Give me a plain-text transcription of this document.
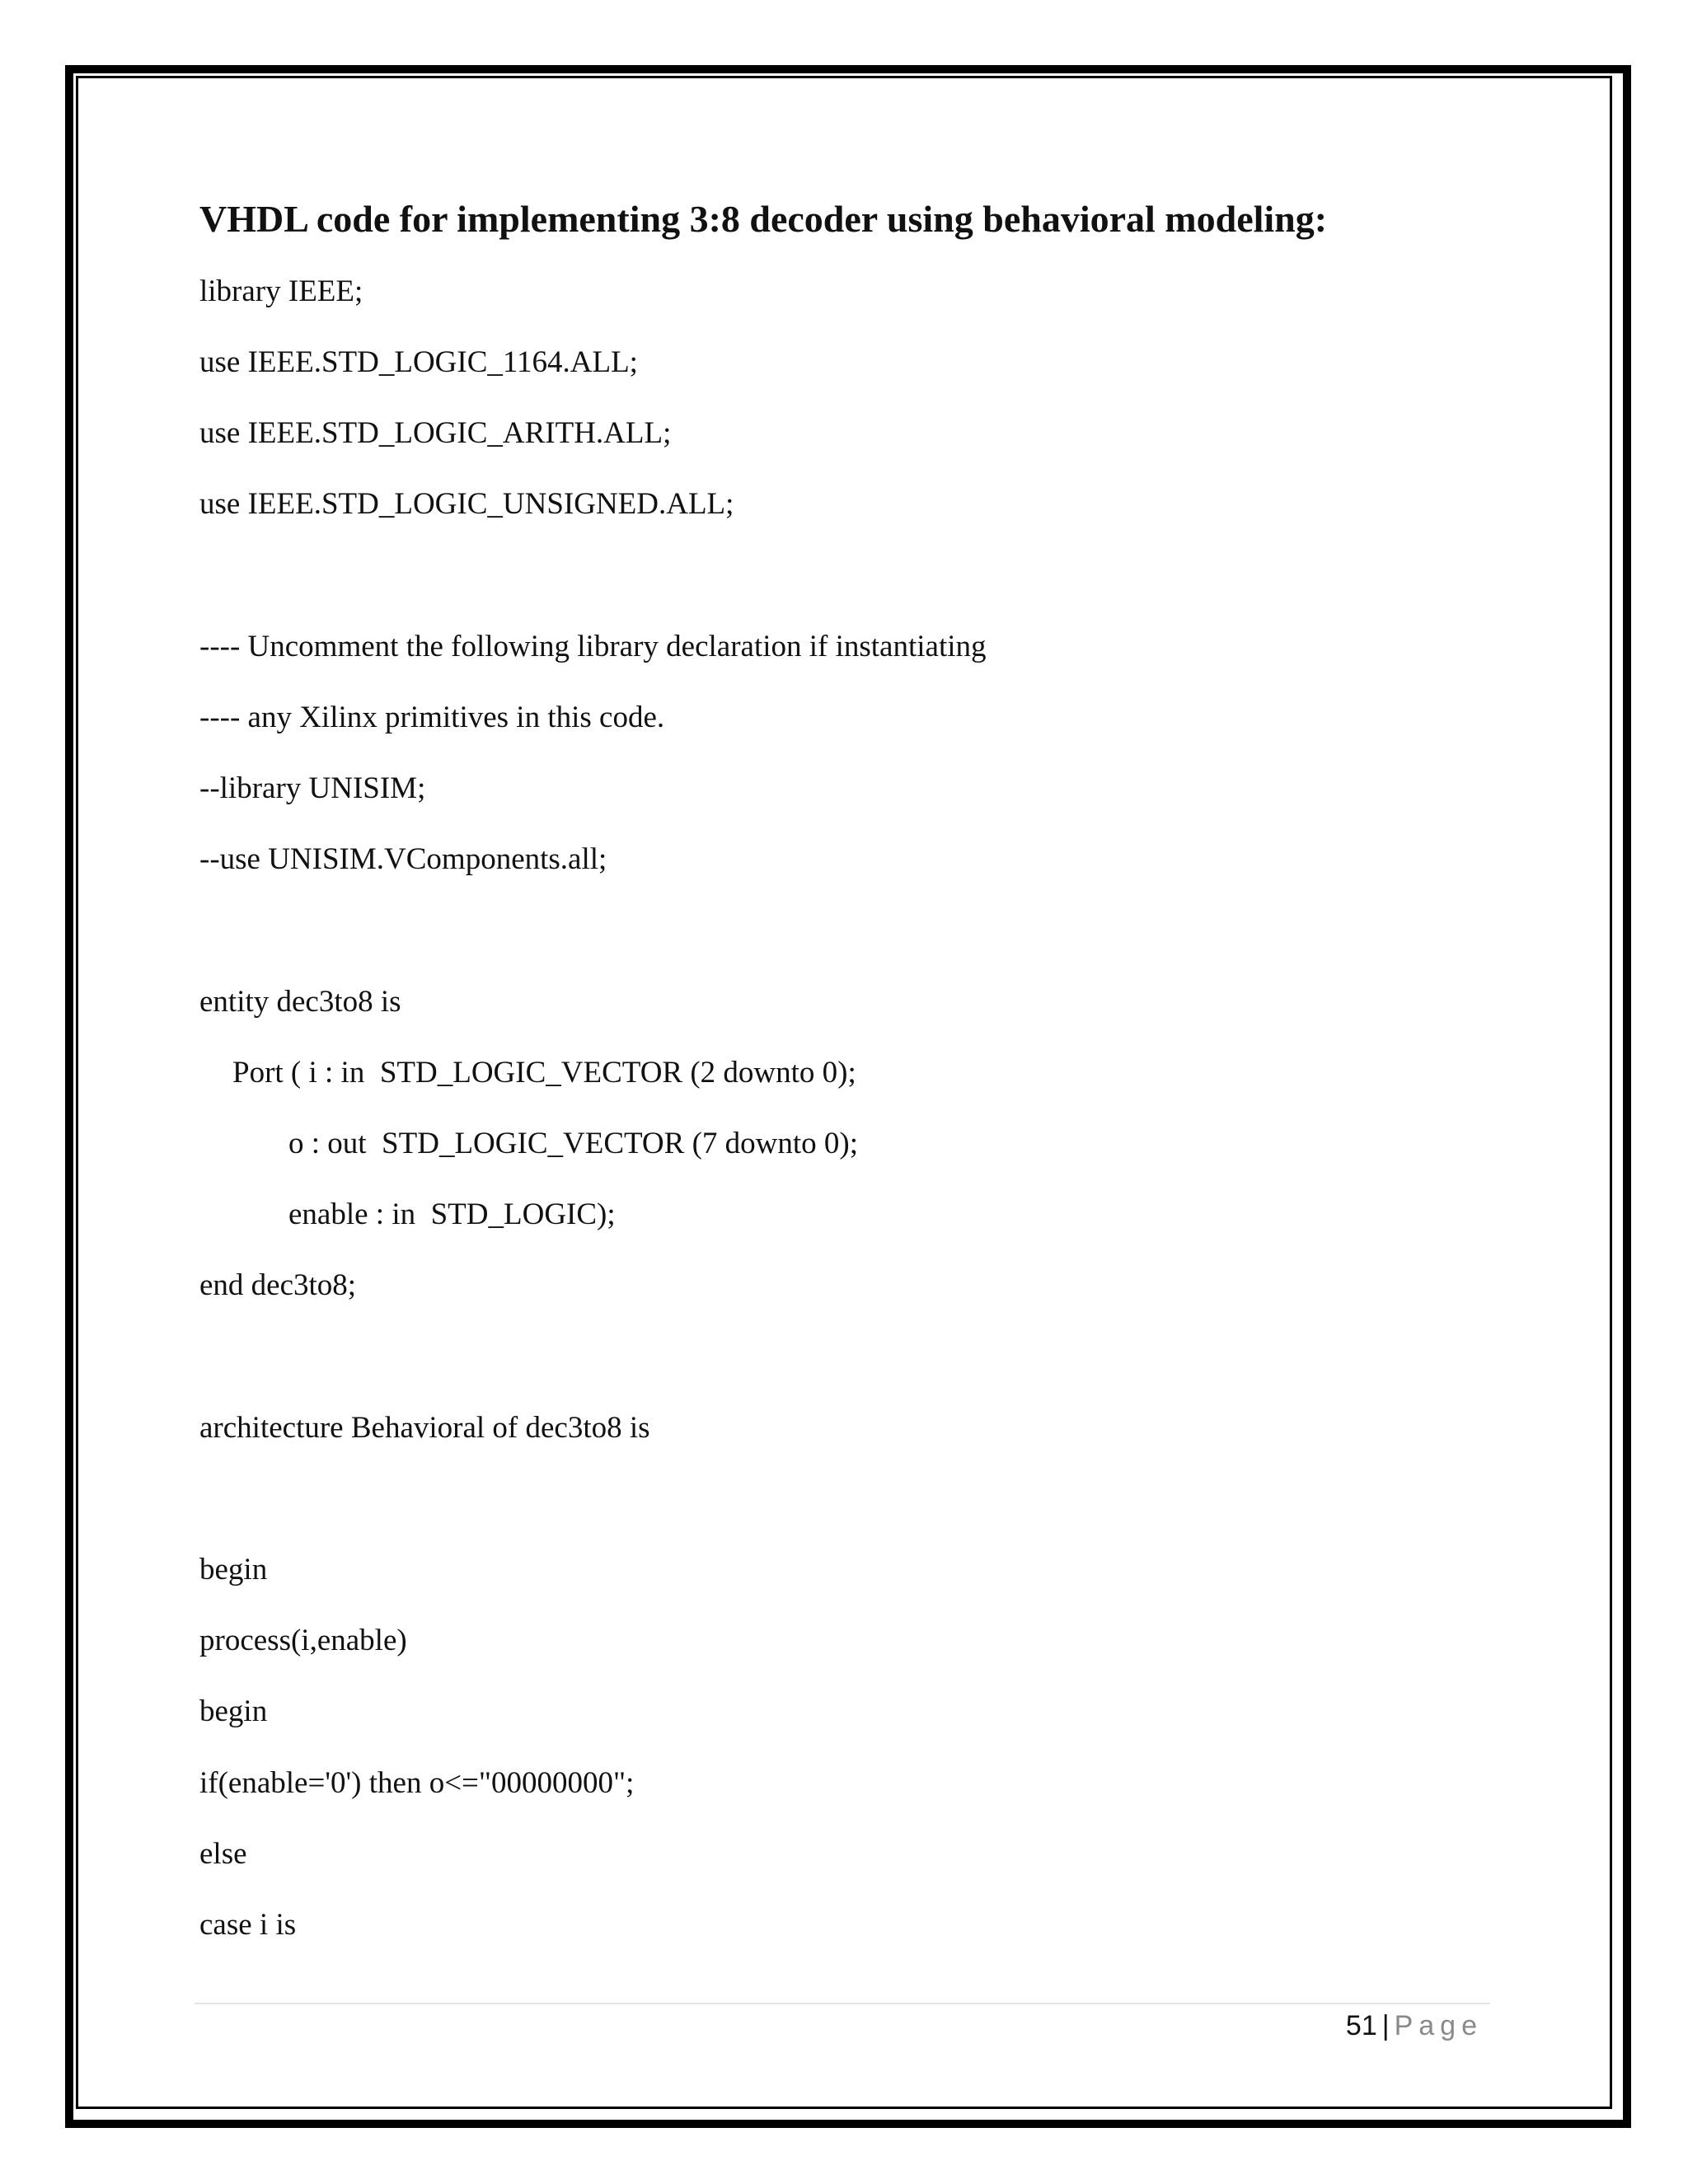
VHDL code for implementing 3:8 decoder using behavioral modeling:
library IEEE;
use IEEE.STD_LOGIC_1164.ALL;
use IEEE.STD_LOGIC_ARITH.ALL;
use IEEE.STD_LOGIC_UNSIGNED.ALL;
---- Uncomment the following library declaration if instantiating
---- any Xilinx primitives in this code.
--library UNISIM;
--use UNISIM.VComponents.all;
entity dec3to8 is
Port ( i : in  STD_LOGIC_VECTOR (2 downto 0);
o : out  STD_LOGIC_VECTOR (7 downto 0);
enable : in  STD_LOGIC);
end dec3to8;
architecture Behavioral of dec3to8 is
begin
process(i,enable)
begin
if(enable='0') then o<="00000000";
else
case i is
51 | Page
